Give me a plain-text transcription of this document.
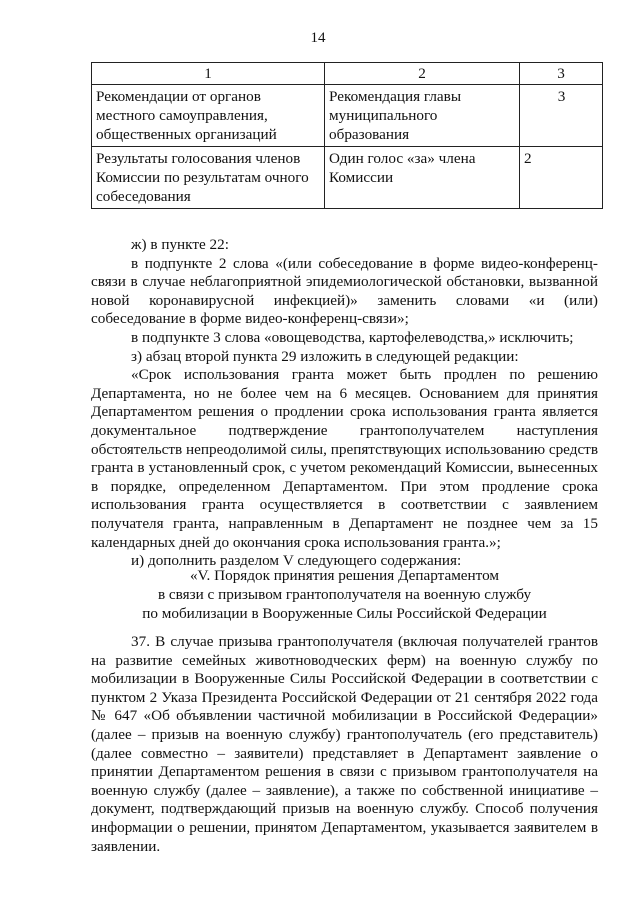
14
1	2	3
Рекомендации от органов местного самоуправления, общественных организаций	Рекомендация главы муниципального образования	3
Результаты голосования членов Комиссии по результатам очного собеседования	Один голос «за» члена Комиссии	2

ж) в пункте 22:

в подпункте 2 слова «(или собеседование в форме видео-конференц-связи в случае неблагоприятной эпидемиологической обстановки, вызванной новой коронавирусной инфекцией)» заменить словами «и (или) собеседование в форме видео-конференц-связи»;

в подпункте 3 слова «овощеводства, картофелеводства,» исключить;

з) абзац второй пункта 29 изложить в следующей редакции:

«Срок использования гранта может быть продлен по решению Департамента, но не более чем на 6 месяцев. Основанием для принятия Департаментом решения о продлении срока использования гранта является документальное подтверждение грантополучателем наступления обстоятельств непреодолимой силы, препятствующих использованию средств гранта в установленный срок, с учетом рекомендаций Комиссии, вынесенных в порядке, определенном Департаментом. При этом продление срока использования гранта осуществляется в соответствии с заявлением получателя гранта, направленным в Департамент не позднее чем за 15 календарных дней до окончания срока использования гранта.»;

и) дополнить разделом V следующего содержания:

«V. Порядок принятия решения Департаментом
в связи с призывом грантополучателя на военную службу
по мобилизации в Вооруженные Силы Российской Федерации

37. В случае призыва грантополучателя (включая получателей грантов на развитие семейных животноводческих ферм) на военную службу по мобилизации в Вооруженные Силы Российской Федерации в соответствии с пунктом 2 Указа Президента Российской Федерации от 21 сентября 2022 года № 647 «Об объявлении частичной мобилизации в Российской Федерации» (далее – призыв на военную службу) грантополучатель (его представитель) (далее совместно – заявители) представляет в Департамент заявление о принятии Департаментом решения в связи с призывом грантополучателя на военную службу (далее – заявление), а также по собственной инициативе – документ, подтверждающий призыв на военную службу. Способ получения информации о решении, принятом Департаментом, указывается заявителем в заявлении.
